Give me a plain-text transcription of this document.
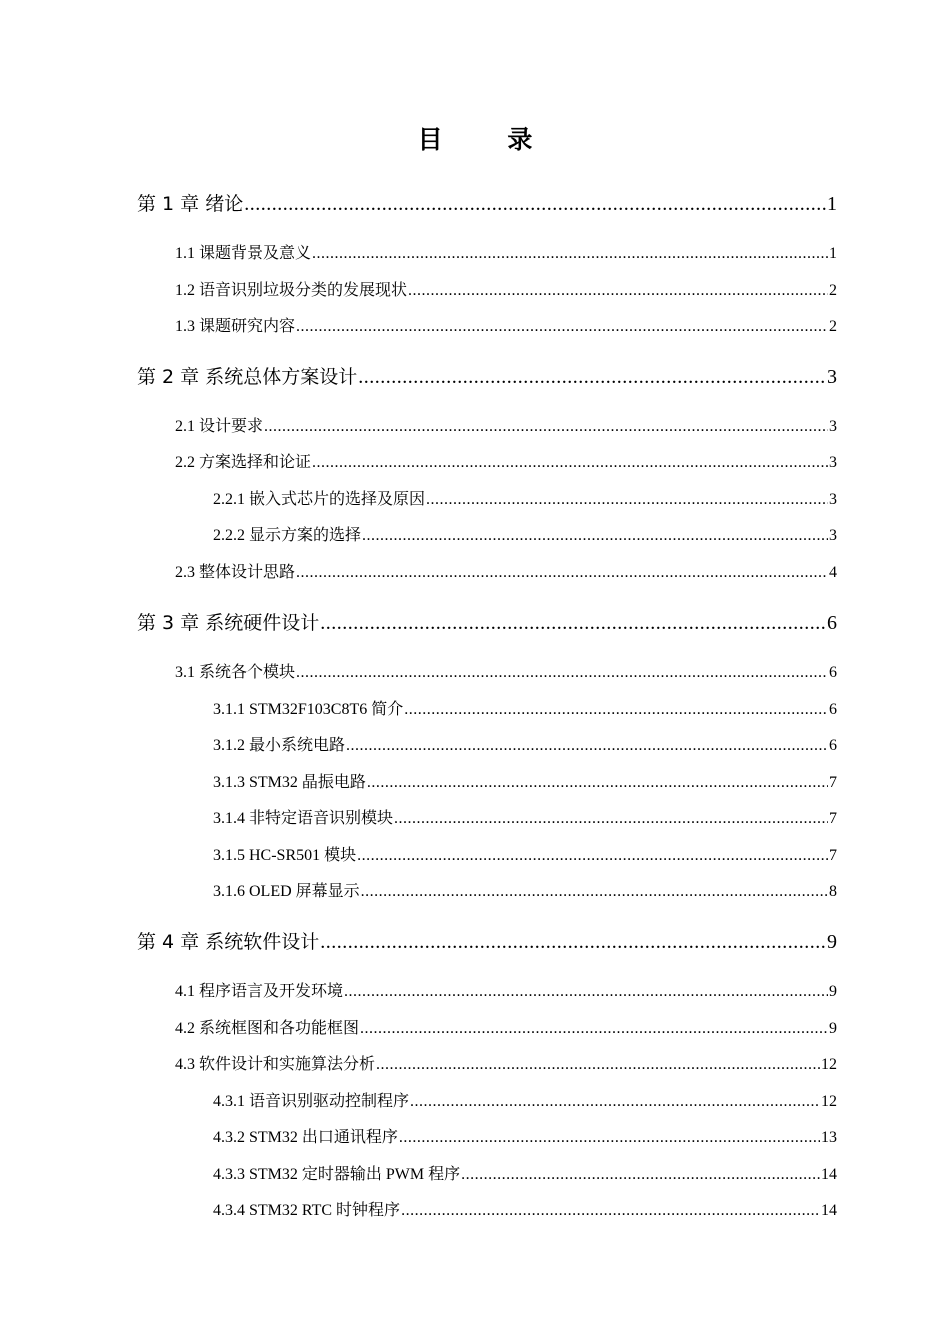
目 录
第 1 章 绪论 .....	1
1.1 课题背景及意义 .....	1
1.2 语音识别垃圾分类的发展现状 .....	2
1.3 课题研究内容 .....	2
第 2 章 系统总体方案设计 .....	3
2.1 设计要求 .....	3
2.2 方案选择和论证 .....	3
2.2.1 嵌入式芯片的选择及原因 .....	3
2.2.2 显示方案的选择 .....	3
2.3 整体设计思路 .....	4
第 3 章 系统硬件设计 .....	6
3.1 系统各个模块 .....	6
3.1.1 STM32F103C8T6 简介 .....	6
3.1.2 最小系统电路 .....	6
3.1.3 STM32 晶振电路 .....	7
3.1.4 非特定语音识别模块 .....	7
3.1.5 HC-SR501 模块 .....	7
3.1.6 OLED 屏幕显示 .....	8
第 4 章 系统软件设计 .....	9
4.1 程序语言及开发环境 .....	9
4.2 系统框图和各功能框图 .....	9
4.3 软件设计和实施算法分析 .....	12
4.3.1 语音识别驱动控制程序 .....	12
4.3.2 STM32 出口通讯程序 .....	13
4.3.3 STM32 定时器输出 PWM 程序 .....	14
4.3.4 STM32 RTC 时钟程序 .....	14
